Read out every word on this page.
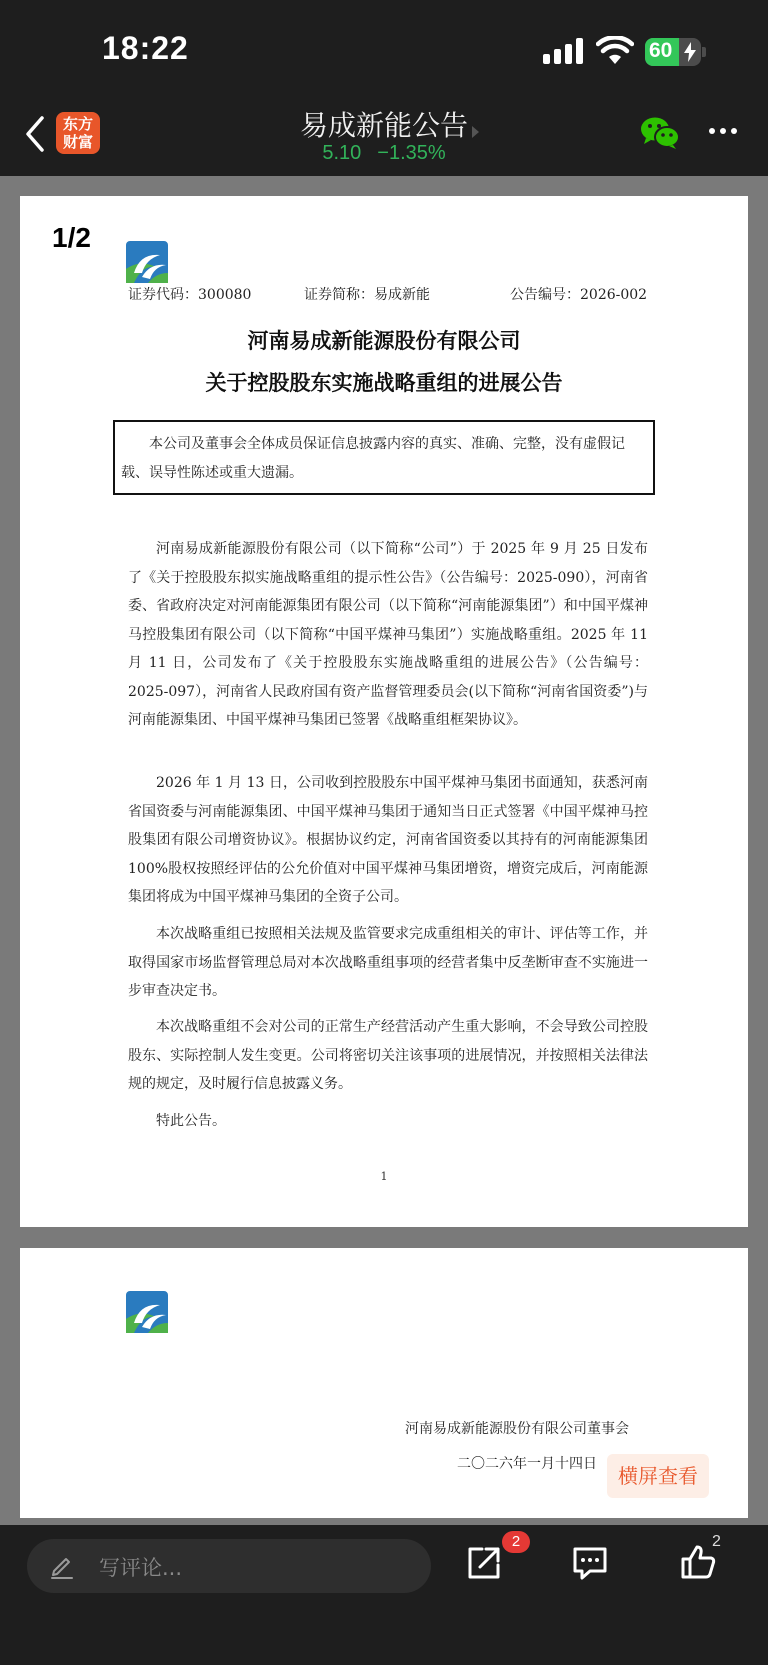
18:22	60
东方
财富	易成新能公告
5.10 −1.35%
1/2
证券代码：300080	证券简称：易成新能	公告编号：2026-002
河南易成新能源股份有限公司
关于控股股东实施战略重组的进展公告
本公司及董事会全体成员保证信息披露内容的真实、准确、完整，没有虚假记载、误导性陈述或重大遗漏。
河南易成新能源股份有限公司（以下简称“公司”）于 2025 年 9 月 25 日发布了《关于控股股东拟实施战略重组的提示性公告》（公告编号：2025-090），河南省委、省政府决定对河南能源集团有限公司（以下简称“河南能源集团”）和中国平煤神马控股集团有限公司（以下简称“中国平煤神马集团”）实施战略重组。2025 年 11 月 11 日，公司发布了《关于控股股东实施战略重组的进展公告》（公告编号：2025-097），河南省人民政府国有资产监督管理委员会(以下简称“河南省国资委”)与河南能源集团、中国平煤神马集团已签署《战略重组框架协议》。
2026 年 1 月 13 日，公司收到控股股东中国平煤神马集团书面通知，获悉河南省国资委与河南能源集团、中国平煤神马集团于通知当日正式签署《中国平煤神马控股集团有限公司增资协议》。根据协议约定，河南省国资委以其持有的河南能源集团 100%股权按照经评估的公允价值对中国平煤神马集团增资，增资完成后，河南能源集团将成为中国平煤神马集团的全资子公司。
本次战略重组已按照相关法规及监管要求完成重组相关的审计、评估等工作，并取得国家市场监督管理总局对本次战略重组事项的经营者集中反垄断审查不实施进一步审查决定书。
本次战略重组不会对公司的正常生产经营活动产生重大影响，不会导致公司控股股东、实际控制人发生变更。公司将密切关注该事项的进展情况，并按照相关法律法规的规定，及时履行信息披露义务。
特此公告。
1
河南易成新能源股份有限公司董事会
二〇二六年一月十四日	横屏查看
写评论...
2	2
